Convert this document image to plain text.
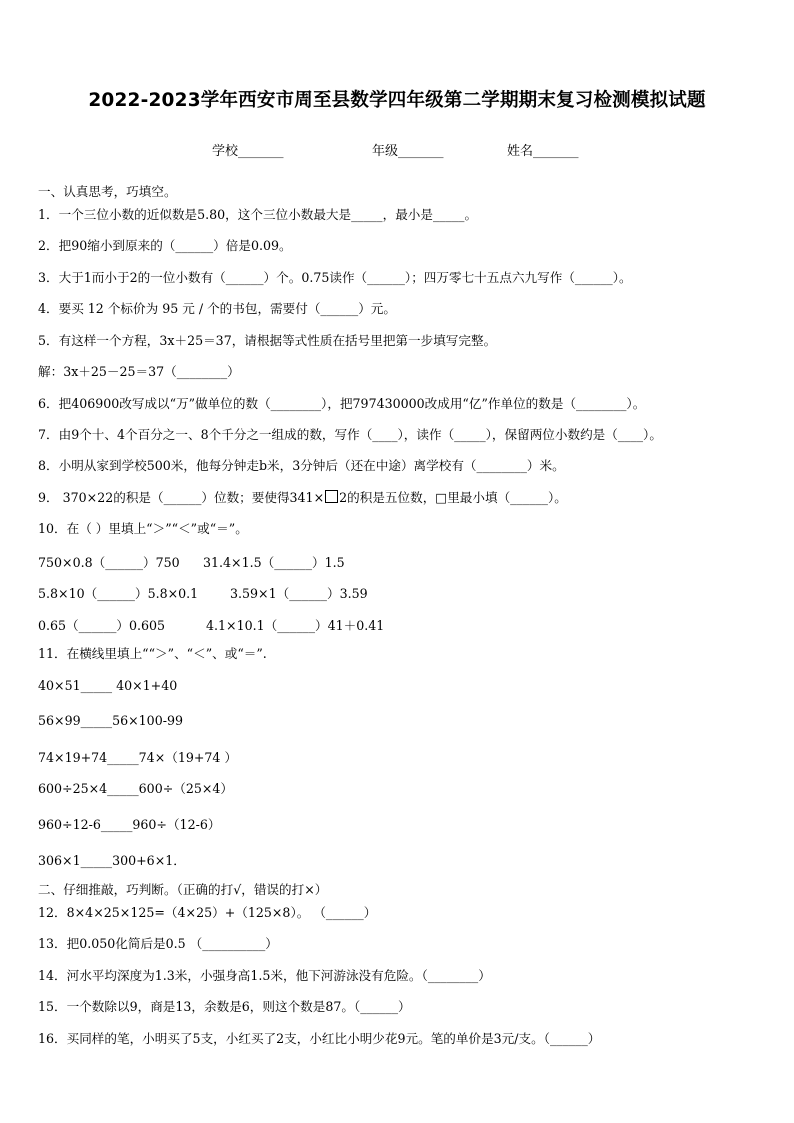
2022-2023学年西安市周至县数学四年级第二学期期末复习检测模拟试题
学校_______	年级_______	姓名_______
一、认真思考，巧填空。
1．一个三位小数的近似数是5.80，这个三位小数最大是_____，最小是_____。
2．把90缩小到原来的（______）倍是0.09。
3．大于1而小于2的一位小数有（______）个。0.75读作（______）；四万零七十五点六九写作（______）。
4．要买 12 个标价为 95 元 / 个的书包，需要付（______）元。
5．有这样一个方程，3x＋25＝37，请根据等式性质在括号里把第一步填写完整。
解：3x＋25－25＝37（________）
6．把406900改写成以“万”做单位的数（________），把797430000改成用“亿”作单位的数是（________）。
7．由9个十、4个百分之一、8个千分之一组成的数，写作（____），读作（_____），保留两位小数约是（____）。
8．小明从家到学校500米，他每分钟走b米，3分钟后（还在中途）离学校有（________）米。
9． 370×22的积是（______）位数；要使得341× 2的积是五位数，□里最小填（______）。
10．在（ ）里填上“＞”“＜”或“＝”。
750×0.8（______）750 31.4×1.5（______）1.5
5.8×10（______）5.8×0.1	3.59×1（______）3.59
0.65（______）0.605	4.1×10.1（______）41＋0.41
11．在横线里填上““＞”、“＜”、或“＝”.
40×51_____ 40×1+40
56×99_____56×100-99
74×19+74_____74×（19+74 ）
600÷25×4_____600÷（25×4）
960÷12-6_____960÷（12-6）
306×1_____300+6×1．
二、仔细推敲，巧判断。（正确的打√，错误的打×）
12．8×4×25×125=（4×25）+（125×8）。 （______）
13．把0.050化简后是0.5 （__________）
14．河水平均深度为1.3米，小强身高1.5米，他下河游泳没有危险。（________）
15．一个数除以9，商是13，余数是6，则这个数是87。（______）
16．买同样的笔，小明买了5支，小红买了2支，小红比小明少花9元。笔的单价是3元/支。（______）
